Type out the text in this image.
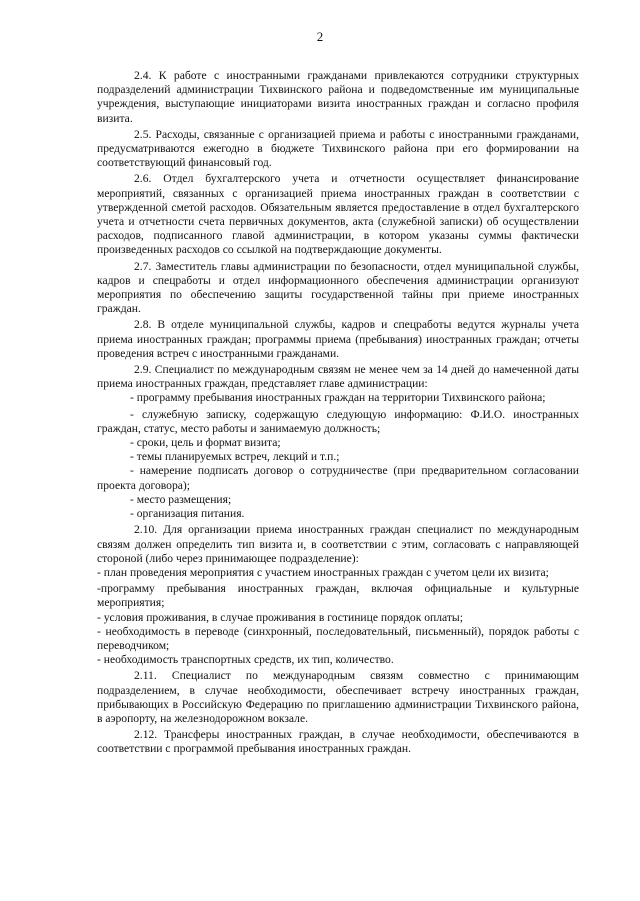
2

2.4. К работе с иностранными гражданами привлекаются сотрудники структурных подразделений администрации Тихвинского района и подведомственные им муниципальные учреждения, выступающие инициаторами визита иностранных граждан и согласно профиля визита.

2.5. Расходы, связанные с организацией приема и работы с иностранными гражданами, предусматриваются ежегодно в бюджете Тихвинского района при его формировании на соответствующий финансовый год.

2.6. Отдел бухгалтерского учета и отчетности осуществляет финансирование мероприятий, связанных с организацией приема иностранных граждан в соответствии с утвержденной сметой расходов. Обязательным является предоставление в отдел бухгалтерского учета и отчетности счета первичных документов, акта (служебной записки) об осуществлении расходов, подписанного главой администрации, в котором указаны суммы фактически произведенных расходов со ссылкой на подтверждающие документы.

2.7. Заместитель главы администрации по безопасности, отдел муниципальной службы, кадров и спецработы и отдел информационного обеспечения администрации организуют мероприятия по обеспечению защиты государственной тайны при приеме иностранных граждан.

2.8. В отделе муниципальной службы, кадров и спецработы ведутся журналы учета приема иностранных граждан; программы приема (пребывания) иностранных граждан; отчеты проведения встреч с иностранными гражданами.

2.9. Специалист по международным связям не менее чем за 14 дней до намеченной даты приема иностранных граждан, представляет главе администрации:

- программу пребывания иностранных граждан на территории Тихвинского района;

- служебную записку, содержащую следующую информацию: Ф.И.О. иностранных граждан, статус, место работы и занимаемую должность;

- сроки, цель и формат визита;

- темы планируемых встреч, лекций и т.п.;

- намерение подписать договор о сотрудничестве (при предварительном согласовании проекта договора);

- место размещения;

- организация питания.

2.10. Для организации приема иностранных граждан специалист по международным связям должен определить тип визита и, в соответствии с этим, согласовать с направляющей стороной (либо через принимающее подразделение):

- план проведения мероприятия с участием иностранных граждан с учетом цели их визита;

-программу пребывания иностранных граждан, включая официальные и культурные мероприятия;

- условия проживания, в случае проживания в гостинице порядок оплаты;

- необходимость в переводе (синхронный, последовательный, письменный), порядок работы с переводчиком;

- необходимость транспортных средств, их тип, количество.

2.11. Специалист по международным связям совместно с принимающим подразделением, в случае необходимости, обеспечивает встречу иностранных граждан, прибывающих в Российскую Федерацию по приглашению администрации Тихвинского района, в аэропорту, на железнодорожном вокзале.

2.12. Трансферы иностранных граждан, в случае необходимости, обеспечиваются в соответствии с программой пребывания иностранных граждан.
